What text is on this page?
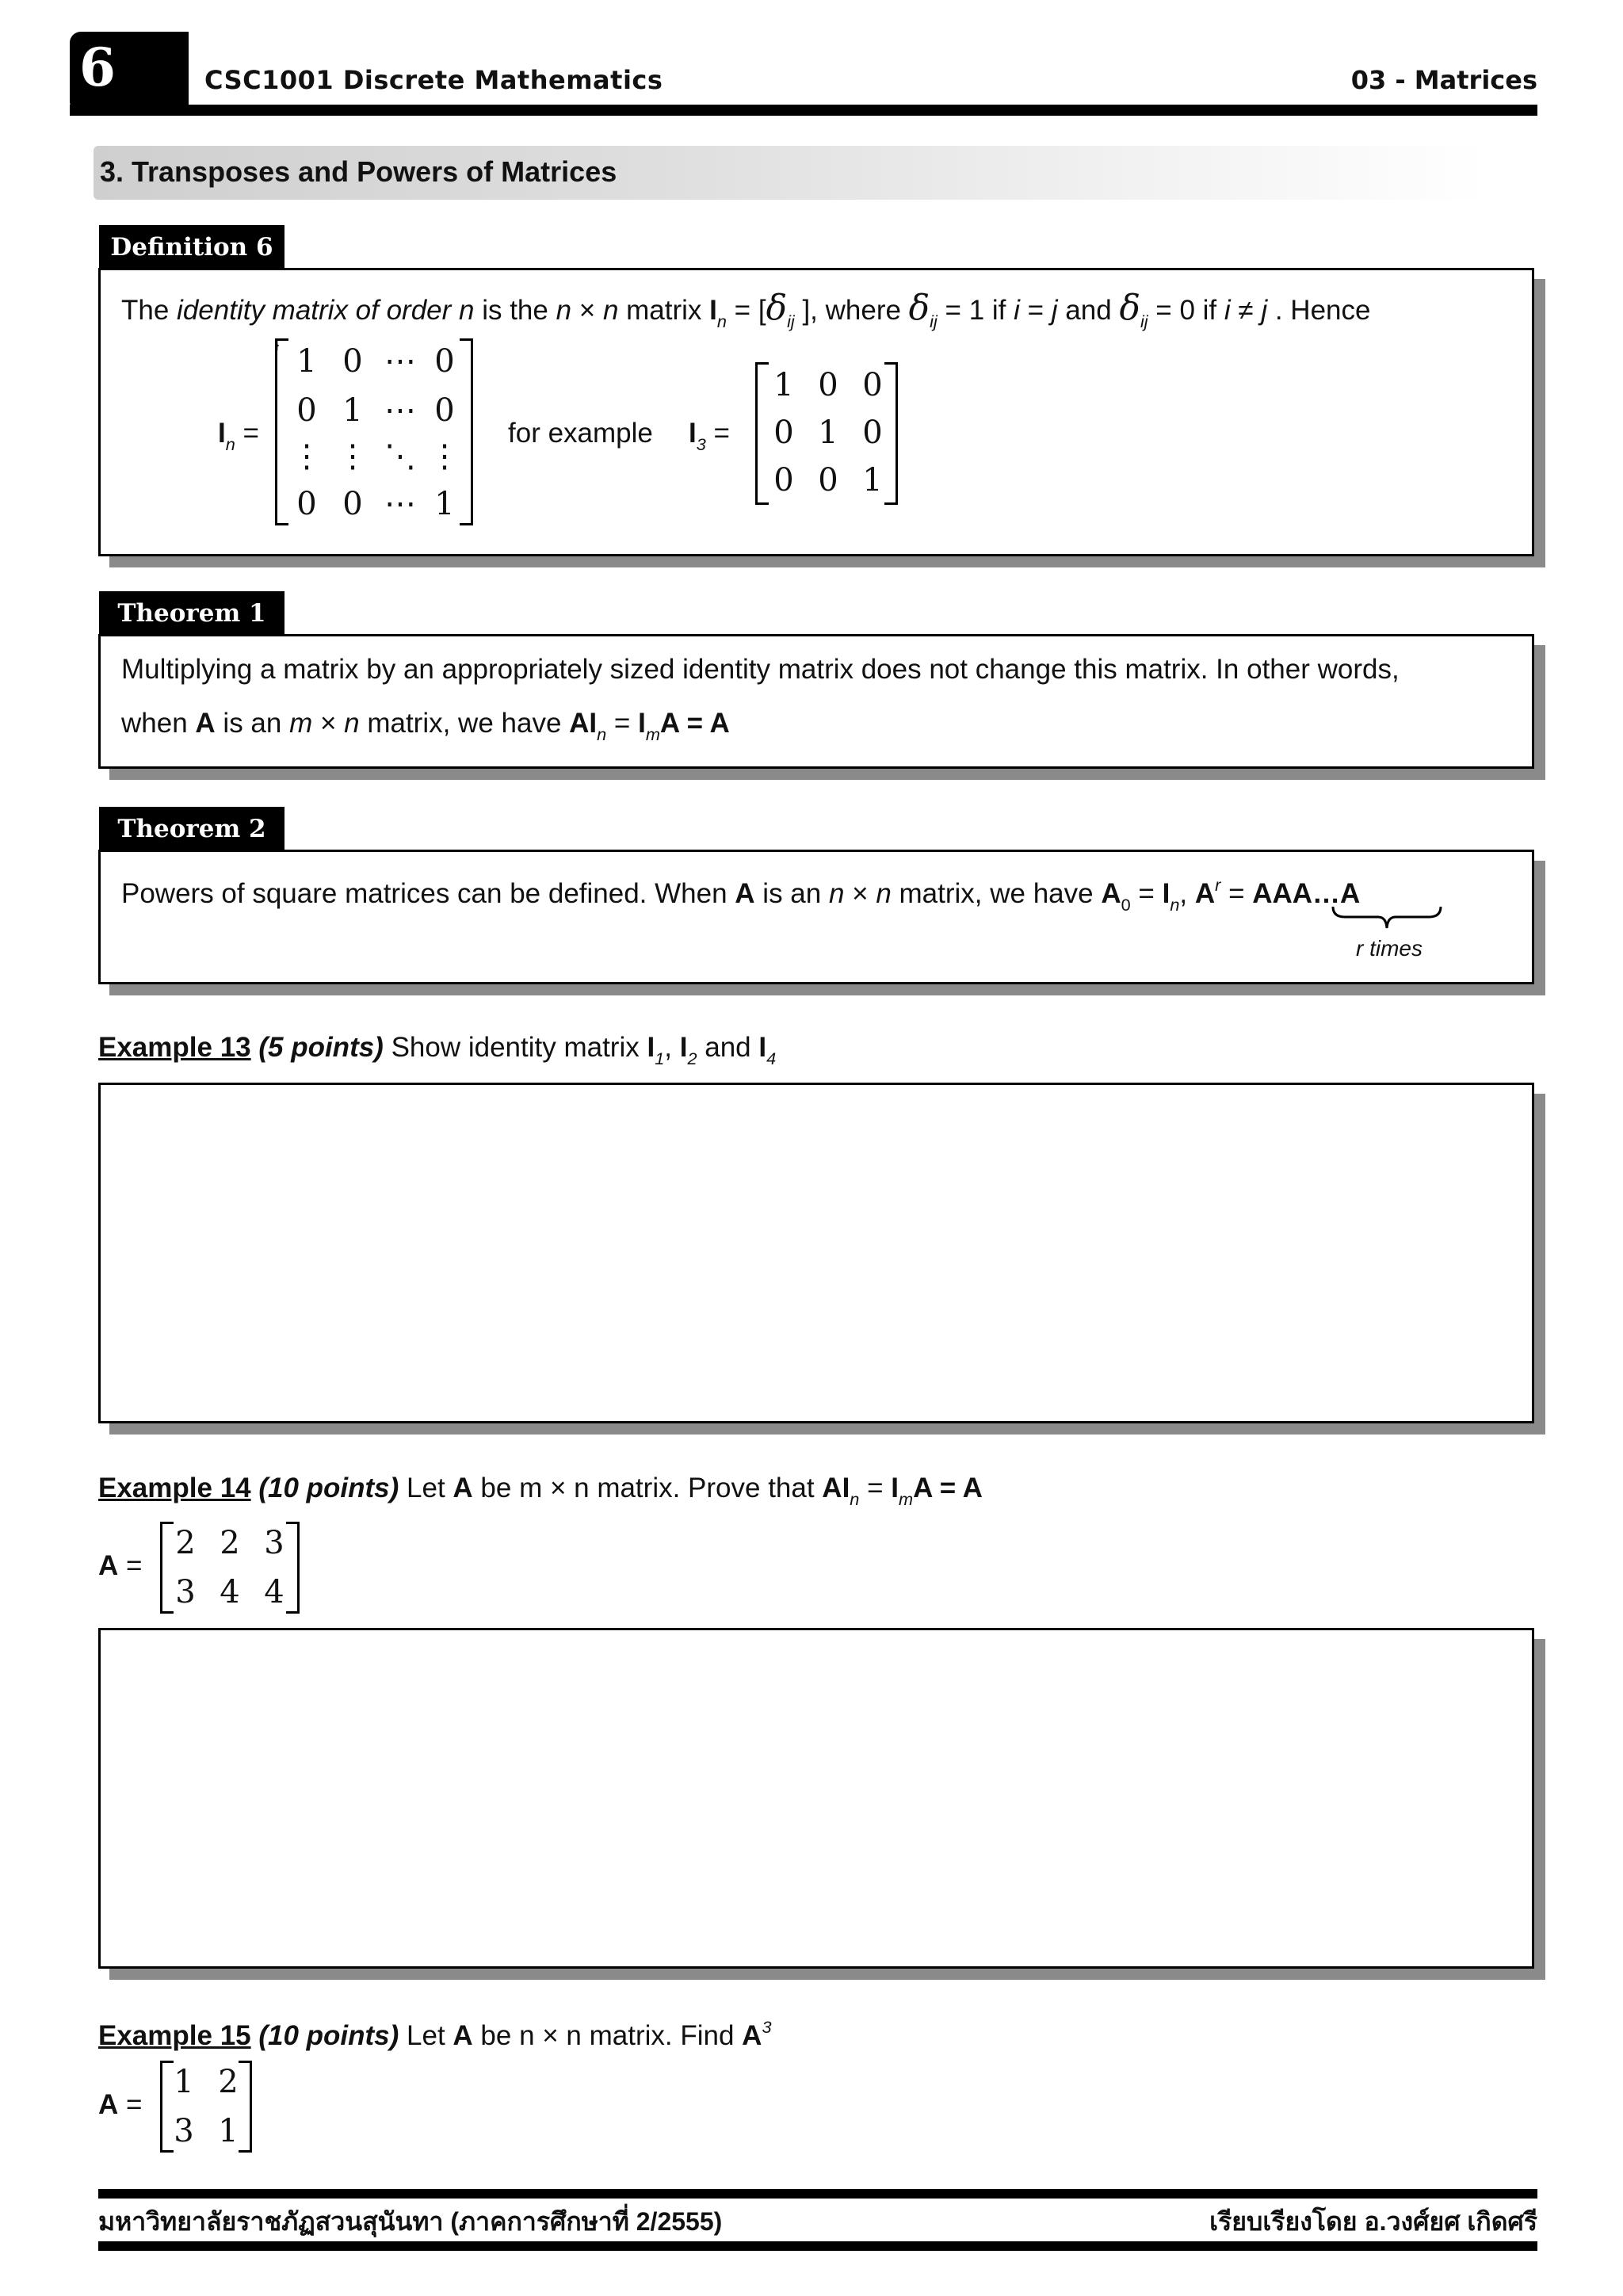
6	CSC1001 Discrete Mathematics	03 - Matrices
3. Transposes and Powers of Matrices
Definition 6
The identity matrix of order n is the n × n matrix $I_n = [\delta_{ij}$ ], where $\delta_{ij} = 1$ if i = j and $\delta_{ij} = 0$ if i ≠ j . Hence
$I_n$ =
1 0 ⋯ 0
0 1 ⋯ 0
⋮ ⋮ ⋱ ⋮
0 0 ⋯ 1
}
for example $I_3$ =
1 0 0
0 1 0
0 0 1
Theorem 1
Multiplying a matrix by an appropriately sized identity matrix does not change this matrix. In other words,
when A is an m × n matrix, we have $AI_n = I_mA = A$
Theorem 2
Powers of square matrices can be defined. When A is an n × n matrix, we have $A_0 = I_n$, $A^r$ = AAA…A
r times
Example 13 (5 points) Show identity matrix $I_1$, $I_2$ and $I_4$
Example 14 (10 points) Let A be m × n matrix. Prove that $AI_n = I_mA = A$
A =
2 2 3
3 4 4
Example 15 (10 points) Let A be n × n matrix. Find $A^3$
A =
1 2
3 1
มหาวิทยาลัยราชภัฏสวนสุนันทา (ภาคการศึกษาที่ 2/2555)	เรียบเรียงโดย อ.วงศ์ยศ เกิดศรี
